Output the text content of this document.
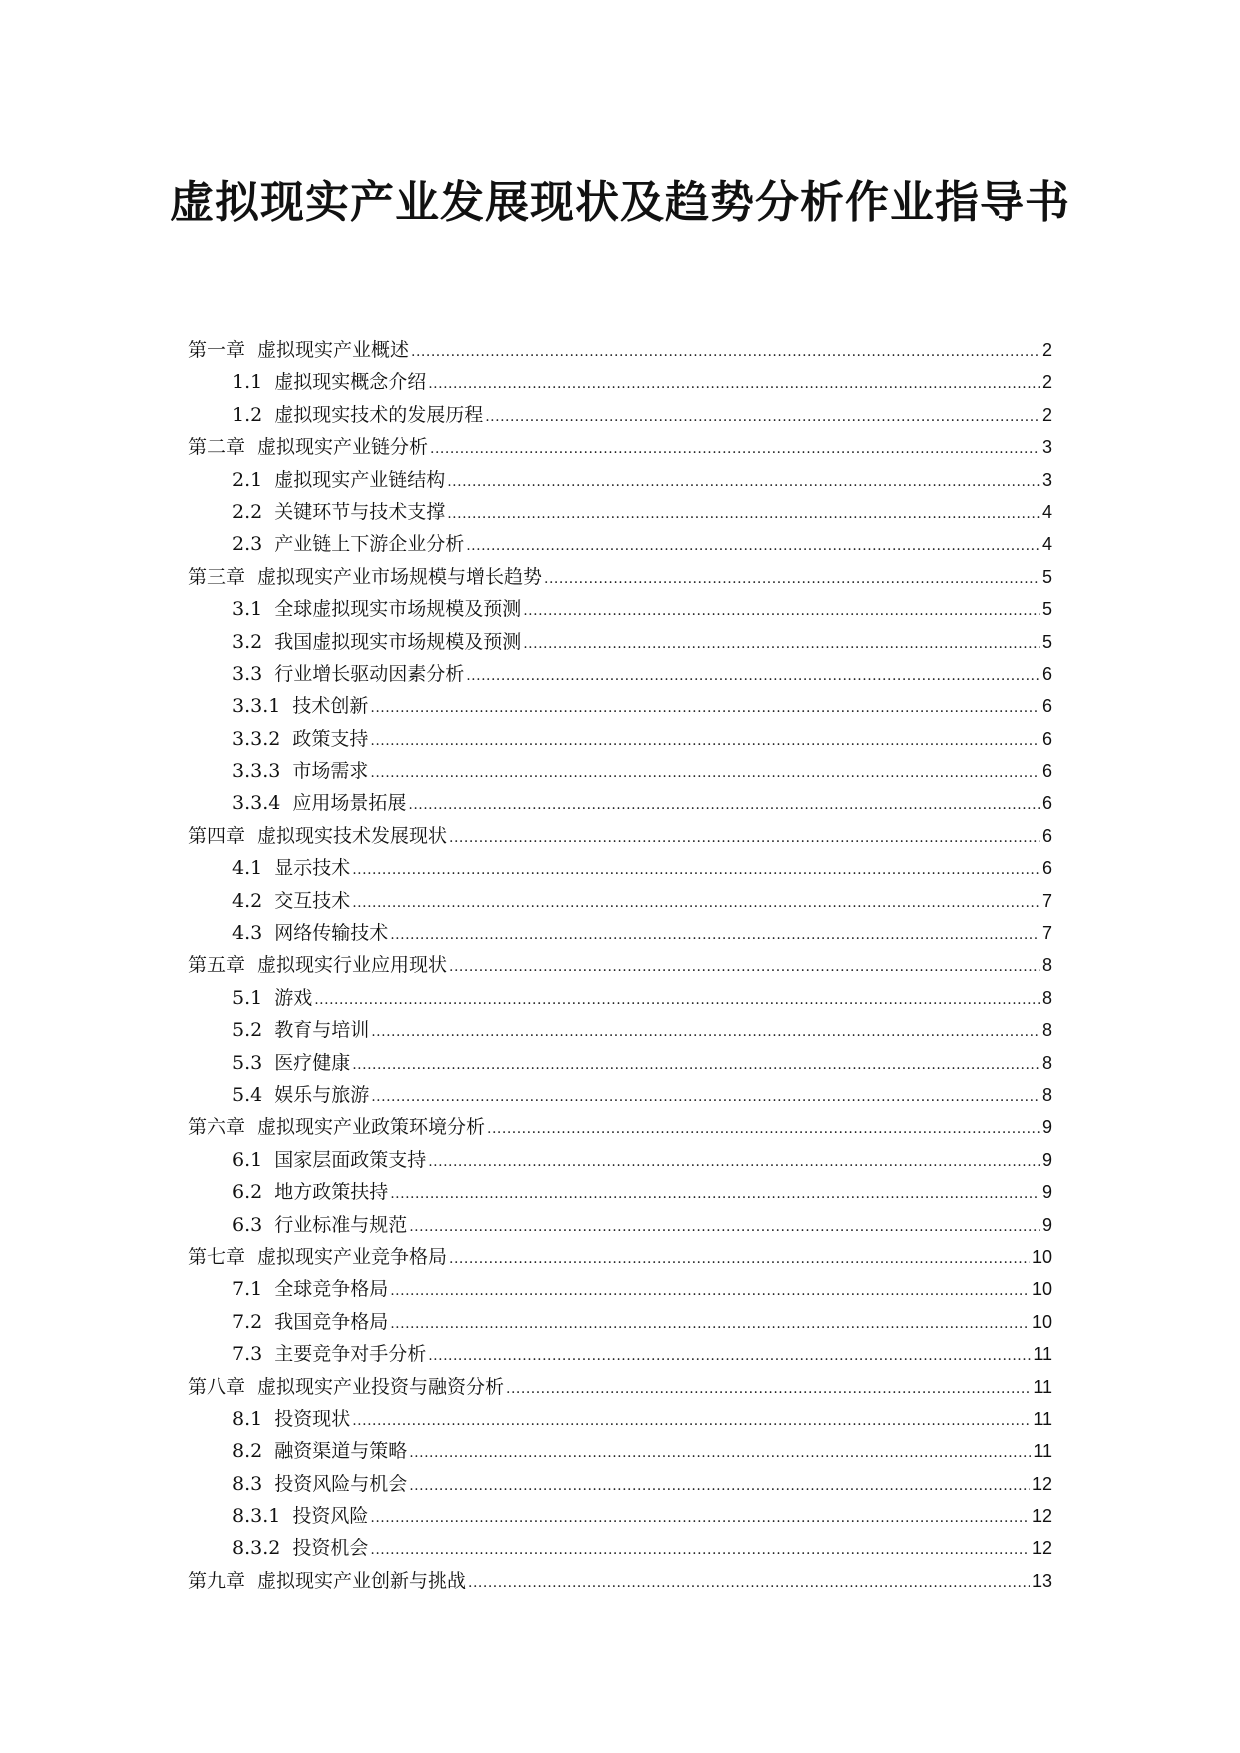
虚拟现实产业发展现状及趋势分析作业指导书
第一章 虚拟现实产业概述 .....	2
1.1 虚拟现实概念介绍 .....	2
1.2 虚拟现实技术的发展历程 .....	2
第二章 虚拟现实产业链分析 .....	3
2.1 虚拟现实产业链结构 .....	3
2.2 关键环节与技术支撑 .....	4
2.3 产业链上下游企业分析 .....	4
第三章 虚拟现实产业市场规模与增长趋势 .....	5
3.1 全球虚拟现实市场规模及预测 .....	5
3.2 我国虚拟现实市场规模及预测 .....	5
3.3 行业增长驱动因素分析 .....	6
3.3.1 技术创新 .....	6
3.3.2 政策支持 .....	6
3.3.3 市场需求 .....	6
3.3.4 应用场景拓展 .....	6
第四章 虚拟现实技术发展现状 .....	6
4.1 显示技术 .....	6
4.2 交互技术 .....	7
4.3 网络传输技术 .....	7
第五章 虚拟现实行业应用现状 .....	8
5.1 游戏 .....	8
5.2 教育与培训 .....	8
5.3 医疗健康 .....	8
5.4 娱乐与旅游 .....	8
第六章 虚拟现实产业政策环境分析 .....	9
6.1 国家层面政策支持 .....	9
6.2 地方政策扶持 .....	9
6.3 行业标准与规范 .....	9
第七章 虚拟现实产业竞争格局 .....	10
7.1 全球竞争格局 .....	10
7.2 我国竞争格局 .....	10
7.3 主要竞争对手分析 .....	11
第八章 虚拟现实产业投资与融资分析 .....	11
8.1 投资现状 .....	11
8.2 融资渠道与策略 .....	11
8.3 投资风险与机会 .....	12
8.3.1 投资风险 .....	12
8.3.2 投资机会 .....	12
第九章 虚拟现实产业创新与挑战 .....	13
